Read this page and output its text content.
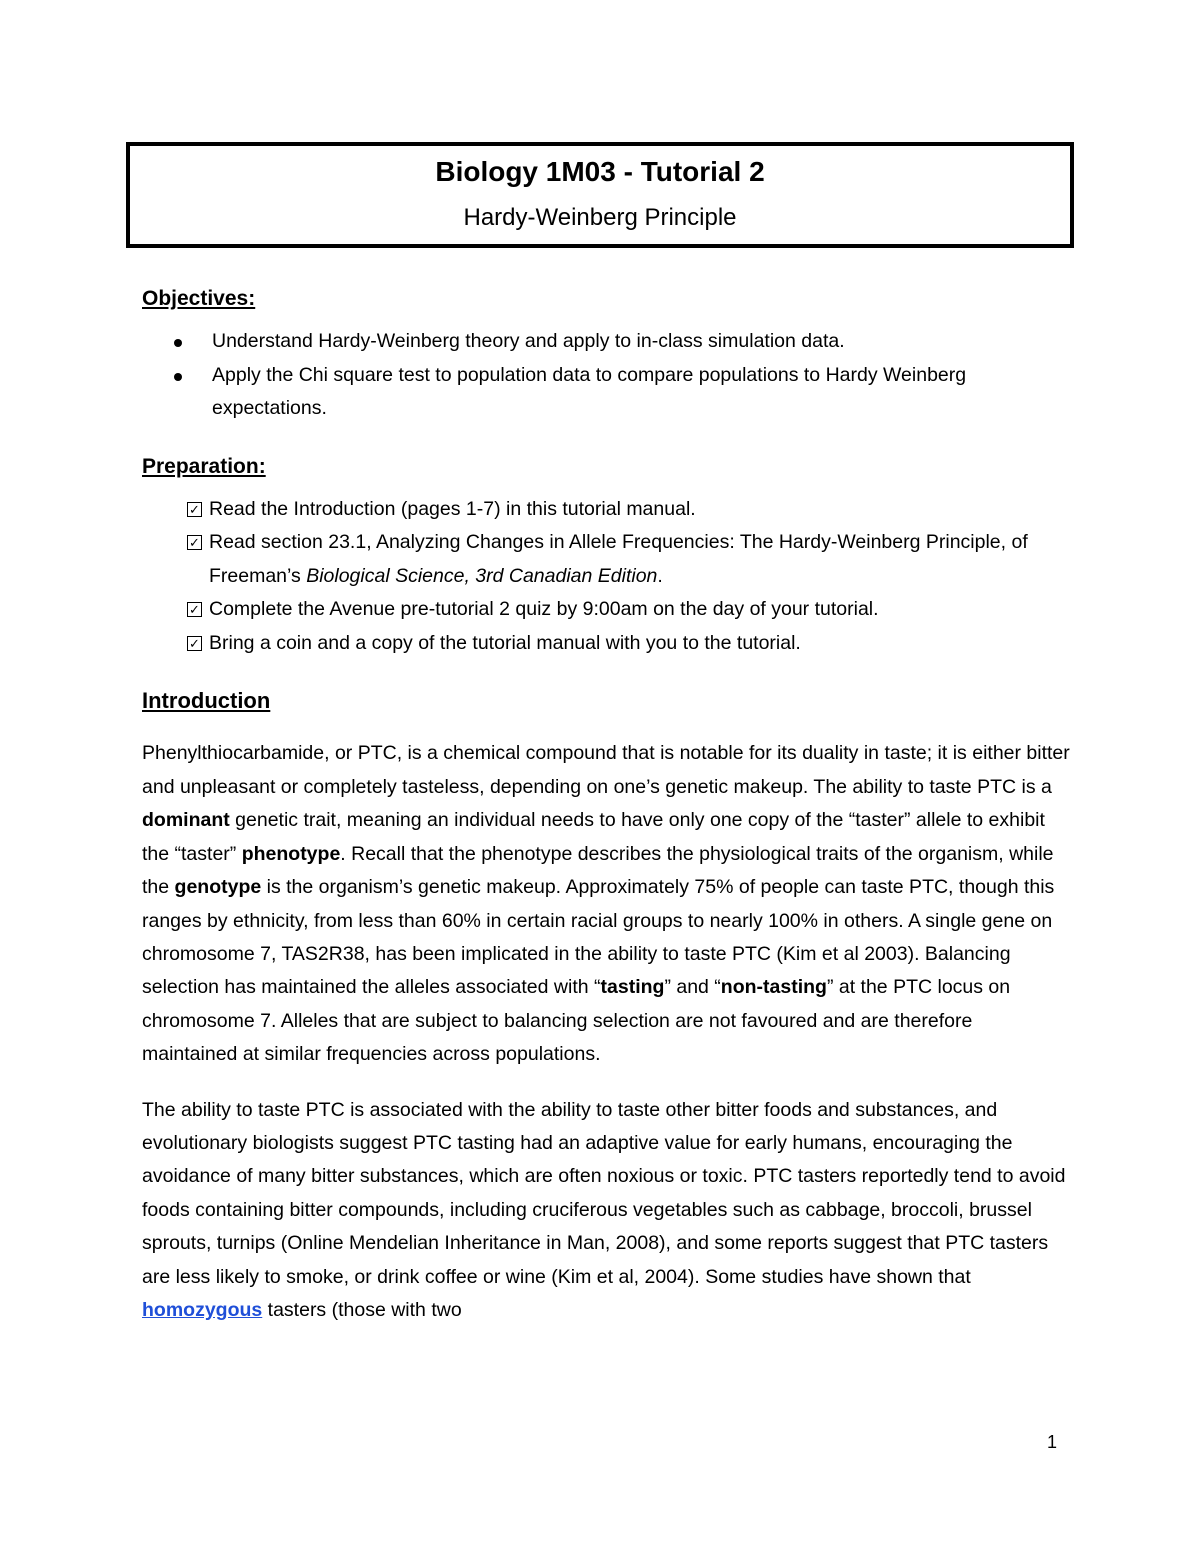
Biology 1M03 - Tutorial 2
Hardy-Weinberg Principle

Objectives:

Understand Hardy-Weinberg theory and apply to in-class simulation data.
Apply the Chi square test to population data to compare populations to Hardy Weinberg expectations.

Preparation:

✓ Read the Introduction (pages 1-7) in this tutorial manual.
✓ Read section 23.1, Analyzing Changes in Allele Frequencies: The Hardy-Weinberg Principle, of Freeman’s Biological Science, 3rd Canadian Edition.
✓ Complete the Avenue pre-tutorial 2 quiz by 9:00am on the day of your tutorial.
✓ Bring a coin and a copy of the tutorial manual with you to the tutorial.

Introduction

Phenylthiocarbamide, or PTC, is a chemical compound that is notable for its duality in taste; it is either bitter and unpleasant or completely tasteless, depending on one’s genetic makeup. The ability to taste PTC is a dominant genetic trait, meaning an individual needs to have only one copy of the “taster” allele to exhibit the “taster” phenotype. Recall that the phenotype describes the physiological traits of the organism, while the genotype is the organism’s genetic makeup. Approximately 75% of people can taste PTC, though this ranges by ethnicity, from less than 60% in certain racial groups to nearly 100% in others. A single gene on chromosome 7, TAS2R38, has been implicated in the ability to taste PTC (Kim et al 2003). Balancing selection has maintained the alleles associated with “tasting” and “non-tasting” at the PTC locus on chromosome 7. Alleles that are subject to balancing selection are not favoured and are therefore maintained at similar frequencies across populations.

The ability to taste PTC is associated with the ability to taste other bitter foods and substances, and evolutionary biologists suggest PTC tasting had an adaptive value for early humans, encouraging the avoidance of many bitter substances, which are often noxious or toxic. PTC tasters reportedly tend to avoid foods containing bitter compounds, including cruciferous vegetables such as cabbage, broccoli, brussel sprouts, turnips (Online Mendelian Inheritance in Man, 2008), and some reports suggest that PTC tasters are less likely to smoke, or drink coffee or wine (Kim et al, 2004). Some studies have shown that homozygous tasters (those with two

1
